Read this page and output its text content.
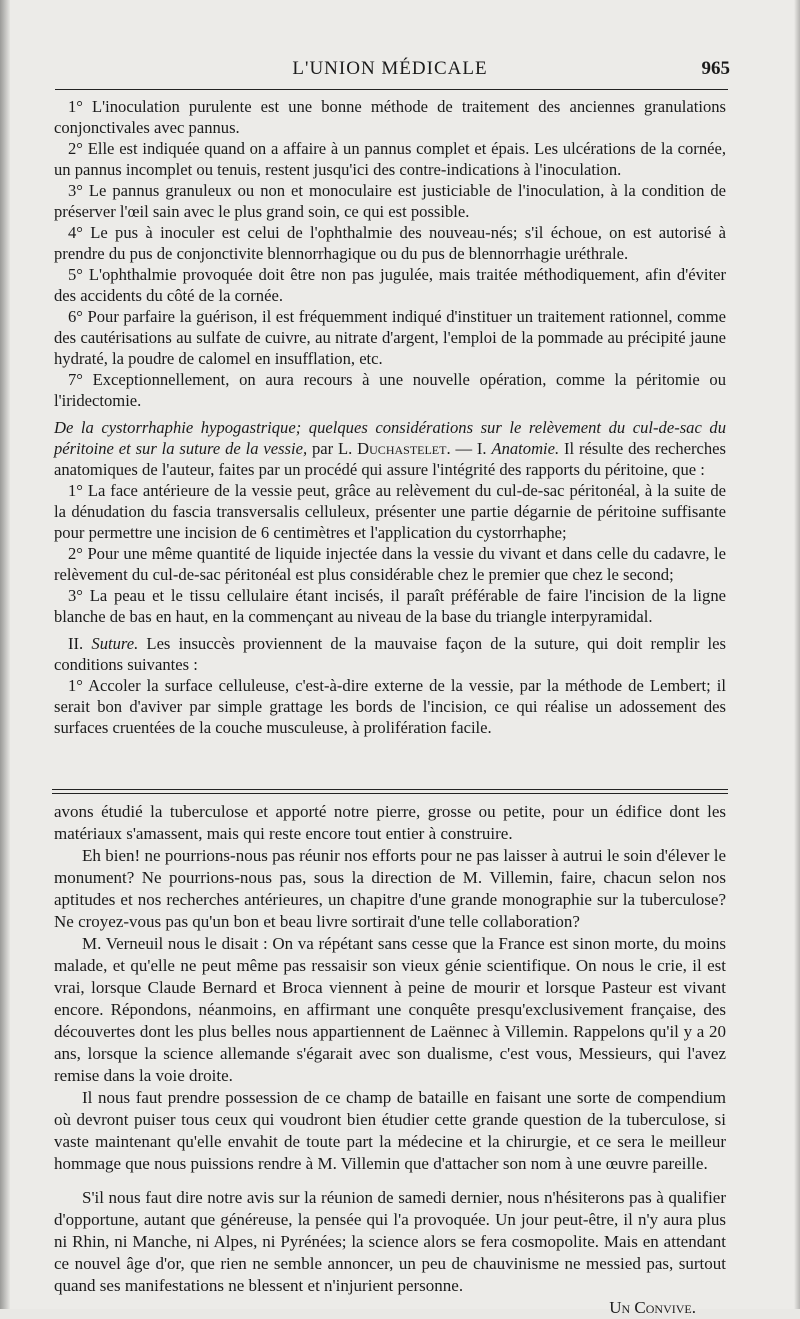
L'UNION MÉDICALE	965

1° L'inoculation purulente est une bonne méthode de traitement des anciennes granulations conjonctivales avec pannus.

2° Elle est indiquée quand on a affaire à un pannus complet et épais. Les ulcérations de la cornée, un pannus incomplet ou tenuis, restent jusqu'ici des contre-indications à l'inoculation.

3° Le pannus granuleux ou non et monoculaire est justiciable de l'inoculation, à la condition de préserver l'œil sain avec le plus grand soin, ce qui est possible.

4° Le pus à inoculer est celui de l'ophthalmie des nouveau-nés; s'il échoue, on est autorisé à prendre du pus de conjonctivite blennorrhagique ou du pus de blennorrhagie uréthrale.

5° L'ophthalmie provoquée doit être non pas jugulée, mais traitée méthodiquement, afin d'éviter des accidents du côté de la cornée.

6° Pour parfaire la guérison, il est fréquemment indiqué d'instituer un traitement rationnel, comme des cautérisations au sulfate de cuivre, au nitrate d'argent, l'emploi de la pommade au précipité jaune hydraté, la poudre de calomel en insufflation, etc.

7° Exceptionnellement, on aura recours à une nouvelle opération, comme la péritomie ou l'iridectomie.

De la cystorrhaphie hypogastrique; quelques considérations sur le relèvement du cul-de-sac du péritoine et sur la suture de la vessie, par L. Duchastelet. — I. Anatomie. Il résulte des recherches anatomiques de l'auteur, faites par un procédé qui assure l'intégrité des rapports du péritoine, que :

1° La face antérieure de la vessie peut, grâce au relèvement du cul-de-sac péritonéal, à la suite de la dénudation du fascia transversalis celluleux, présenter une partie dégarnie de péritoine suffisante pour permettre une incision de 6 centimètres et l'application du cystorrhaphe;

2° Pour une même quantité de liquide injectée dans la vessie du vivant et dans celle du cadavre, le relèvement du cul-de-sac péritonéal est plus considérable chez le premier que chez le second;

3° La peau et le tissu cellulaire étant incisés, il paraît préférable de faire l'incision de la ligne blanche de bas en haut, en la commençant au niveau de la base du triangle interpyramidal.

II. Suture. Les insuccès proviennent de la mauvaise façon de la suture, qui doit remplir les conditions suivantes :

1° Accoler la surface celluleuse, c'est-à-dire externe de la vessie, par la méthode de Lembert; il serait bon d'aviver par simple grattage les bords de l'incision, ce qui réalise un adossement des surfaces cruentées de la couche musculeuse, à prolifération facile.

avons étudié la tuberculose et apporté notre pierre, grosse ou petite, pour un édifice dont les matériaux s'amassent, mais qui reste encore tout entier à construire.

Eh bien! ne pourrions-nous pas réunir nos efforts pour ne pas laisser à autrui le soin d'élever le monument? Ne pourrions-nous pas, sous la direction de M. Villemin, faire, chacun selon nos aptitudes et nos recherches antérieures, un chapitre d'une grande monographie sur la tuberculose? Ne croyez-vous pas qu'un bon et beau livre sortirait d'une telle collaboration?

M. Verneuil nous le disait : On va répétant sans cesse que la France est sinon morte, du moins malade, et qu'elle ne peut même pas ressaisir son vieux génie scientifique. On nous le crie, il est vrai, lorsque Claude Bernard et Broca viennent à peine de mourir et lorsque Pasteur est vivant encore. Répondons, néanmoins, en affirmant une conquête presqu'exclusivement française, des découvertes dont les plus belles nous appartiennent de Laënnec à Villemin. Rappelons qu'il y a 20 ans, lorsque la science allemande s'égarait avec son dualisme, c'est vous, Messieurs, qui l'avez remise dans la voie droite.

Il nous faut prendre possession de ce champ de bataille en faisant une sorte de compendium où devront puiser tous ceux qui voudront bien étudier cette grande question de la tuberculose, si vaste maintenant qu'elle envahit de toute part la médecine et la chirurgie, et ce sera le meilleur hommage que nous puissions rendre à M. Villemin que d'attacher son nom à une œuvre pareille.

S'il nous faut dire notre avis sur la réunion de samedi dernier, nous n'hésiterons pas à qualifier d'opportune, autant que généreuse, la pensée qui l'a provoquée. Un jour peut-être, il n'y aura plus ni Rhin, ni Manche, ni Alpes, ni Pyrénées; la science alors se fera cosmopolite. Mais en attendant ce nouvel âge d'or, que rien ne semble annoncer, un peu de chauvinisme ne messied pas, surtout quand ses manifestations ne blessent et n'injurient personne.

Un Convive.
